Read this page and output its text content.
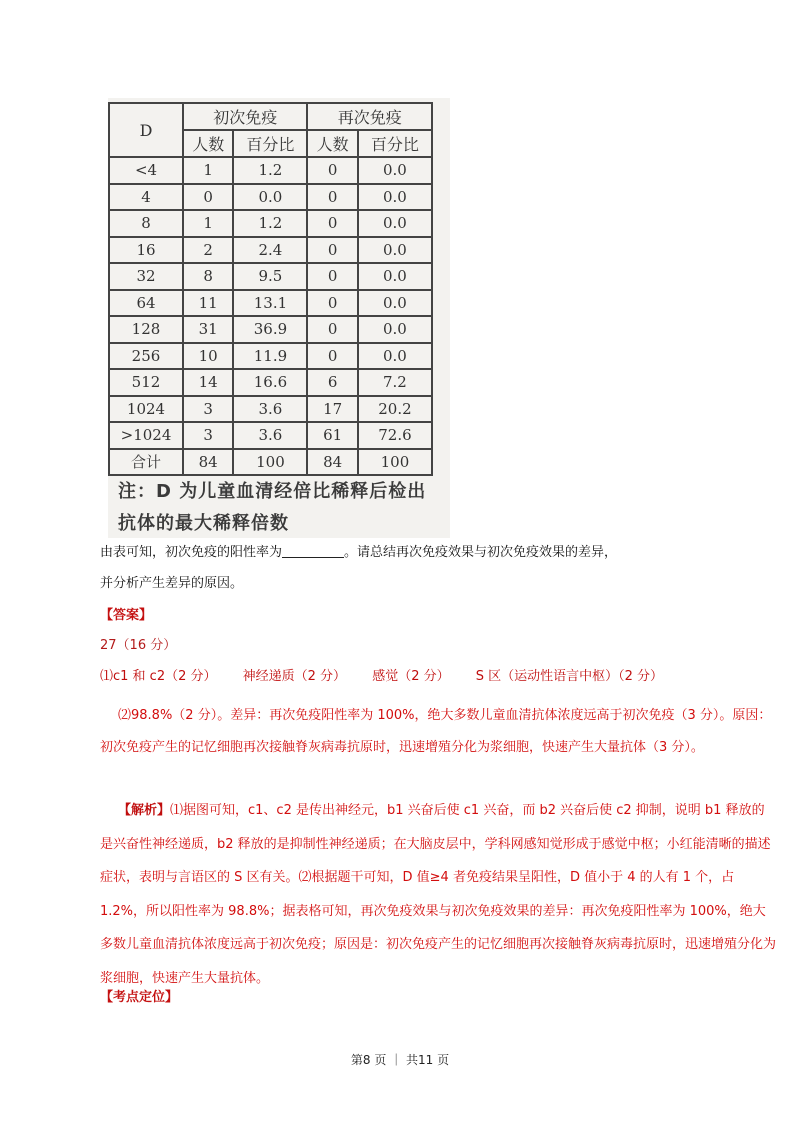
D	初次免疫		再次免疫	
	人数	百分比	人数	百分比
<4	1	1.2	0	0.0
4	0	0.0	0	0.0
8	1	1.2	0	0.0
16	2	2.4	0	0.0
32	8	9.5	0	0.0
64	11	13.1	0	0.0
128	31	36.9	0	0.0
256	10	11.9	0	0.0
512	14	16.6	6	7.2
1024	3	3.6	17	20.2
>1024	3	3.6	61	72.6
合计	84	100	84	100
注：D 为儿童血清经倍比稀释后检出
抗体的最大稀释倍数
由表可知，初次免疫的阳性率为	。请总结再次免疫效果与初次免疫效果的差异，
并分析产生差异的原因。
【答案】
27（16 分）
⑴c1 和 c2（2 分） 神经递质（2 分） 感觉（2 分） S 区（运动性语言中枢）（2 分）
⑵98.8%（2 分）。差异：再次免疫阳性率为 100%，绝大多数儿童血清抗体浓度远高于初次免疫（3 分）。原因：初次免疫产生的记忆细胞再次接触脊灰病毒抗原时，迅速增殖分化为浆细胞，快速产生大量抗体（3 分）。
【解析】⑴据图可知，c1、c2 是传出神经元，b1 兴奋后使 c1 兴奋，而 b2 兴奋后使 c2 抑制，说明 b1 释放的是兴奋性神经递质，b2 释放的是抑制性神经递质；在大脑皮层中，学科网感知觉形成于感觉中枢；小红能清晰的描述症状，表明与言语区的 S 区有关。⑵根据题干可知，D 值≥4 者免疫结果呈阳性，D 值小于 4 的人有 1 个，占 1.2%，所以阳性率为 98.8%；据表格可知，再次免疫效果与初次免疫效果的差异：再次免疫阳性率为 100%，绝大多数儿童血清抗体浓度远高于初次免疫；原因是：初次免疫产生的记忆细胞再次接触脊灰病毒抗原时，迅速增殖分化为浆细胞，快速产生大量抗体。
【考点定位】
第8 页 ｜ 共11 页
